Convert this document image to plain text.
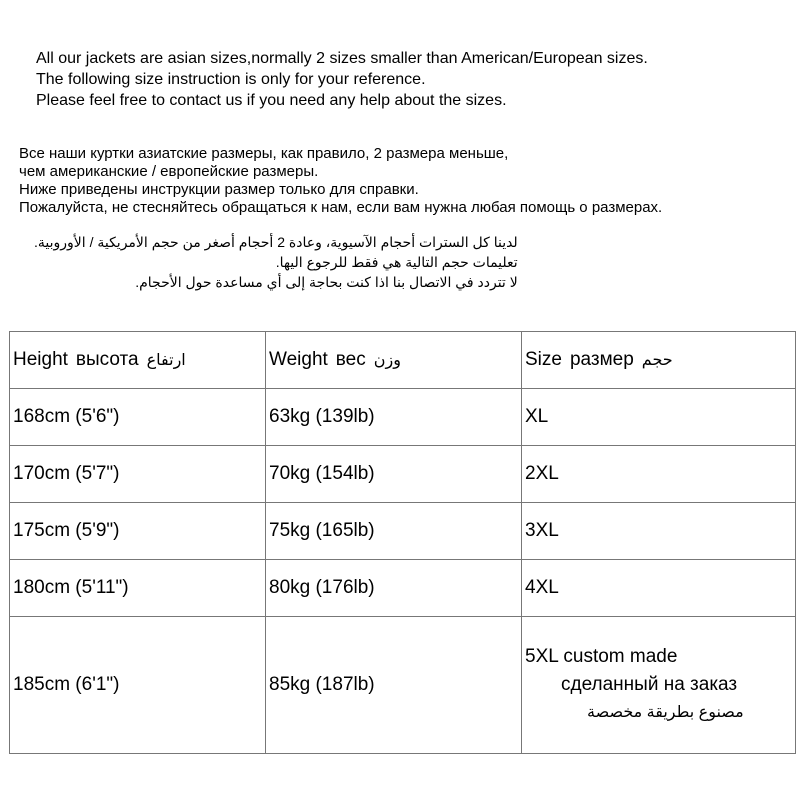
All our jackets are asian sizes,normally 2 sizes smaller than American/European sizes.
The following size instruction is only for your reference.
Please feel free to contact us if you need any help about the sizes.
Все наши куртки азиатские размеры, как правило, 2 размера меньше,
чем американские / европейские размеры.
Ниже приведены инструкции размер только для справки.
Пожалуйста, не стесняйтесь обращаться к нам, если вам нужна любая помощь о размерах.
لدينا كل السترات أحجام الآسيوية، وعادة 2 أحجام أصغر من حجم الأمريكية / الأوروبية.
تعليمات حجم التالية هي فقط للرجوع اليها.
لا تتردد في الاتصال بنا اذا كنت بحاجة إلى أي مساعدة حول الأحجام.
Height высота ارتفاع	Weight вес وزن	Size размер حجم
168cm (5'6")	63kg (139lb)	XL
170cm (5'7")	70kg (154lb)	2XL
175cm (5'9")	75kg (165lb)	3XL
180cm (5'11")	80kg (176lb)	4XL
185cm (6'1")	85kg (187lb)	5XL custom made
сделанный на заказ
مصنوع بطريقة مخصصة
